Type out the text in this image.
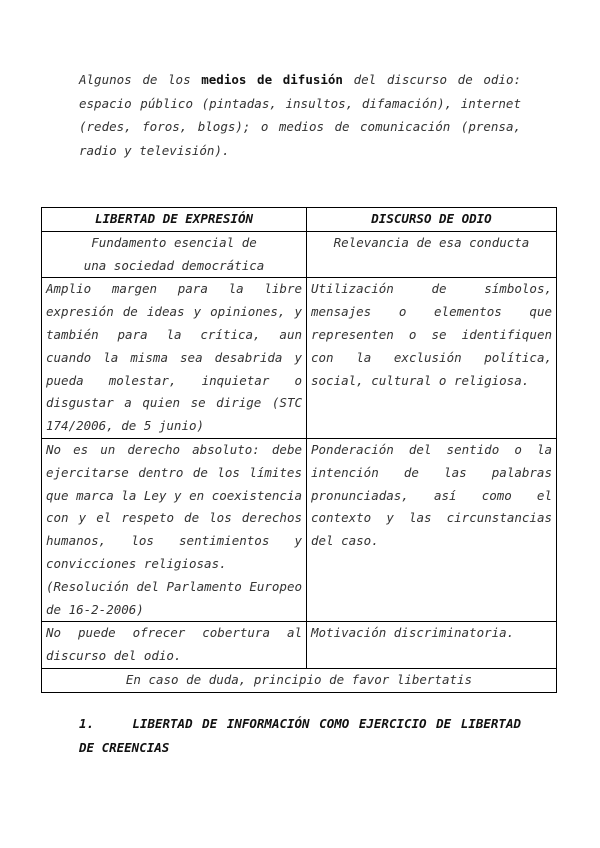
Algunos de los medios de difusión del discurso de odio: espacio público (pintadas, insultos, difamación), internet (redes, foros, blogs); o medios de comunicación (prensa, radio y televisión).
LIBERTAD DE EXPRESIÓN	DISCURSO DE ODIO
Fundamento esencial de una sociedad democrática	Relevancia de esa conducta
Amplio margen para la libre expresión de ideas y opiniones, y también para la crítica, aun cuando la misma sea desabrida y pueda molestar, inquietar o disgustar a quien se dirige (STC 174/2006, de 5 junio)	Utilización de símbolos, mensajes o elementos que representen o se identifiquen con la exclusión política, social, cultural o religiosa.
No es un derecho absoluto: debe ejercitarse dentro de los límites que marca la Ley y en coexistencia con y el respeto de los derechos humanos, los sentimientos y convicciones religiosas.
(Resolución del Parlamento Europeo de 16-2-2006)	Ponderación del sentido o la intención de las palabras pronunciadas, así como el contexto y las circunstancias del caso.
No puede ofrecer cobertura al discurso del odio.	Motivación discriminatoria.
En caso de duda, principio de favor libertatis	
1.	LIBERTAD DE INFORMACIÓN COMO EJERCICIO DE LIBERTAD DE CREENCIAS
